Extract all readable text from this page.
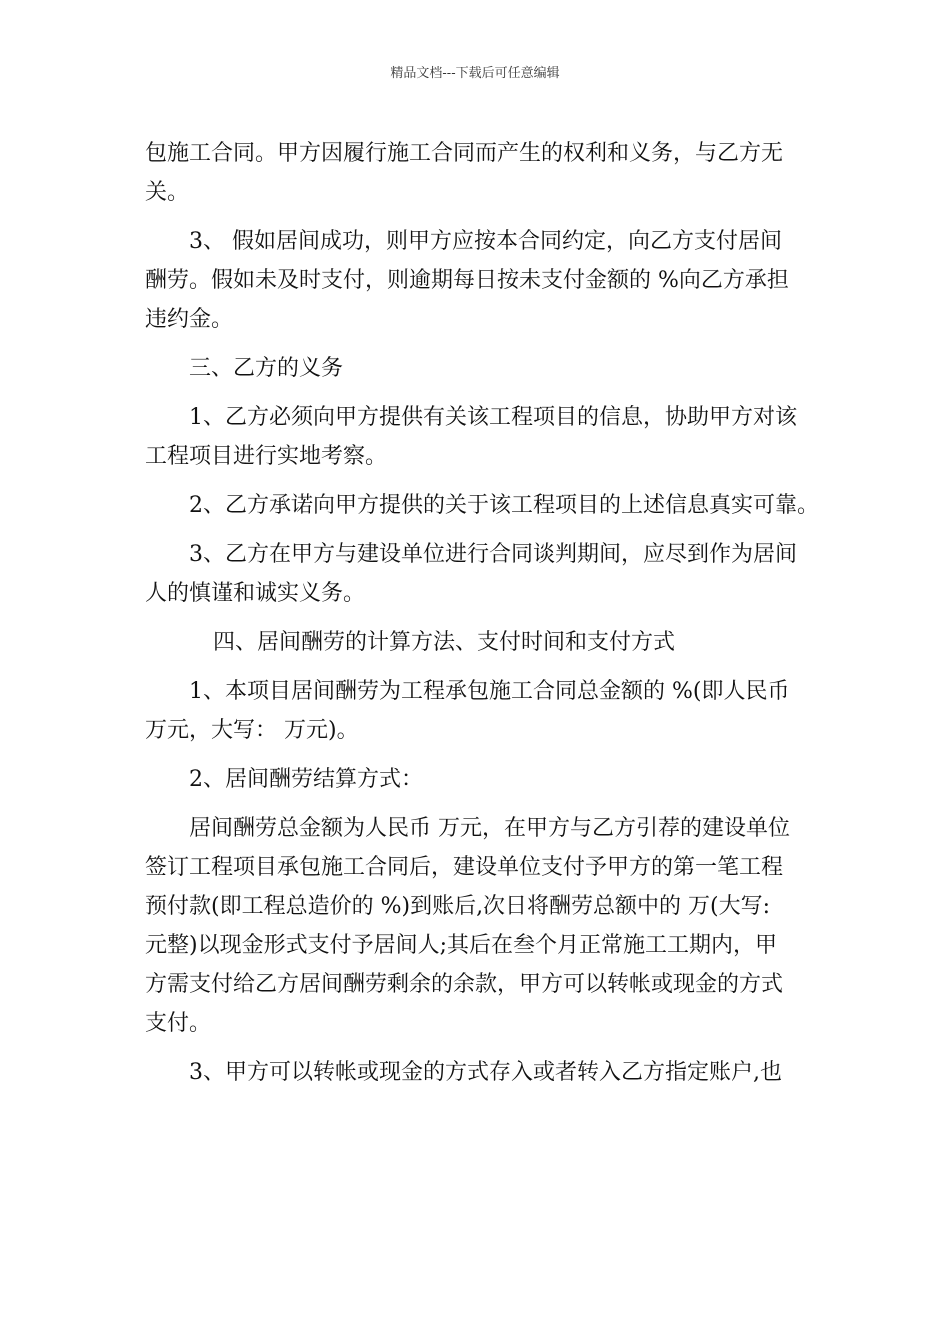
精品文档---下载后可任意编辑

包施工合同。甲方因履行施工合同而产生的权利和义务，与乙方无
关。

3、 假如居间成功，则甲方应按本合同约定，向乙方支付居间
酬劳。假如未及时支付，则逾期每日按未支付金额的 %向乙方承担
违约金。

三、乙方的义务

1、乙方必须向甲方提供有关该工程项目的信息，协助甲方对该
工程项目进行实地考察。

2、乙方承诺向甲方提供的关于该工程项目的上述信息真实可靠。

3、乙方在甲方与建设单位进行合同谈判期间，应尽到作为居间
人的慎谨和诚实义务。

四、居间酬劳的计算方法、支付时间和支付方式

1、本项目居间酬劳为工程承包施工合同总金额的 %(即人民币
万元，大写： 万元)。

2、居间酬劳结算方式：

居间酬劳总金额为人民币 万元，在甲方与乙方引荐的建设单位
签订工程项目承包施工合同后，建设单位支付予甲方的第一笔工程
预付款(即工程总造价的 %)到账后,次日将酬劳总额中的 万(大写:
元整)以现金形式支付予居间人;其后在叁个月正常施工工期内，甲
方需支付给乙方居间酬劳剩余的余款，甲方可以转帐或现金的方式
支付。

3、甲方可以转帐或现金的方式存入或者转入乙方指定账户,也
